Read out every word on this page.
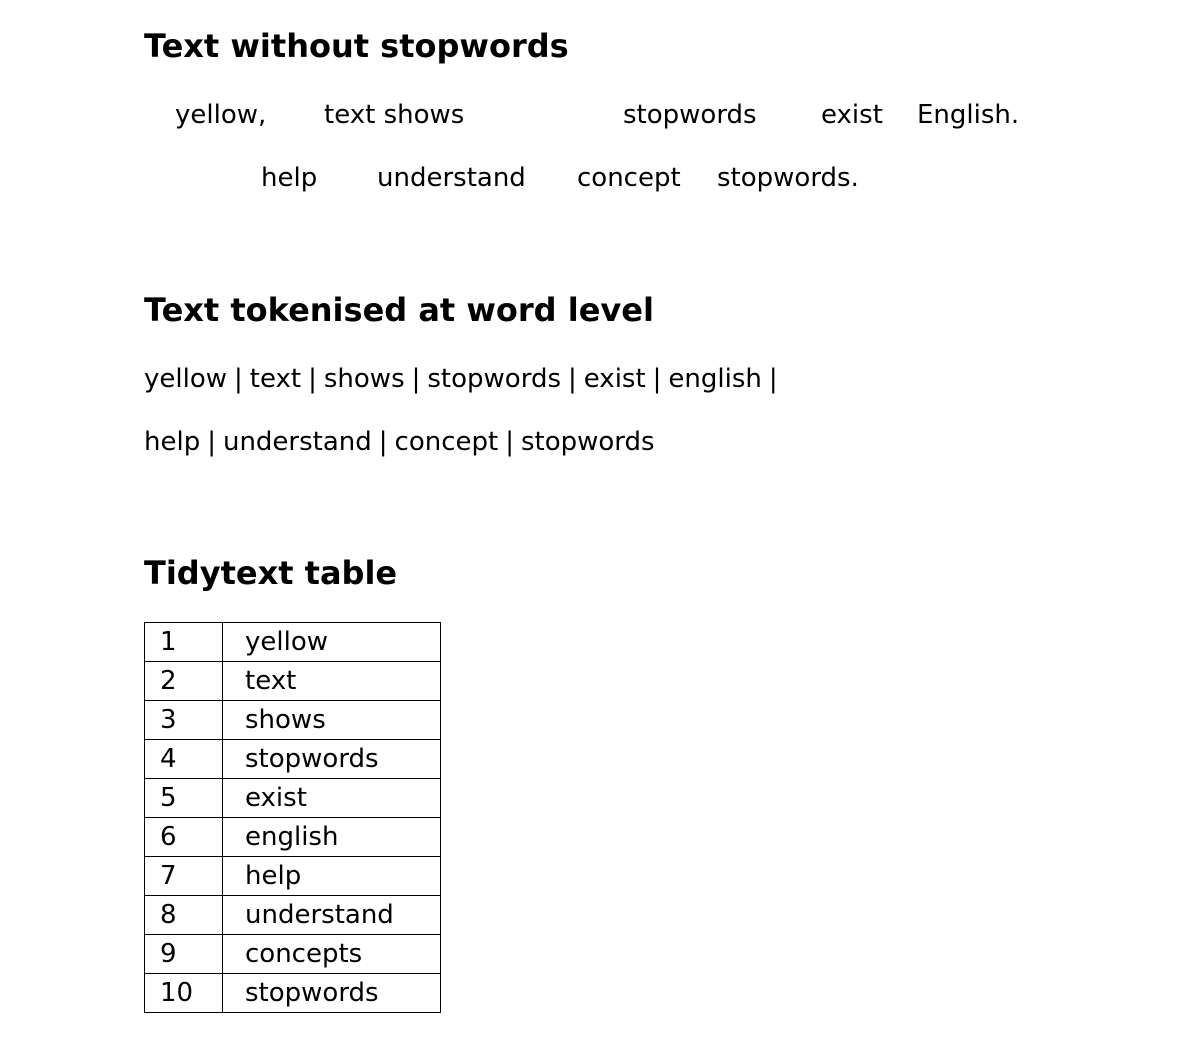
Text without stopwords
yellow, text shows	stopwords exist English.
help understand concept stopwords.
Text tokenised at word level
yellow | text | shows | stopwords | exist | english |
help | understand | concept | stopwords
Tidytext table
1	yellow
2	text
3	shows
4	stopwords
5	exist
6	english
7	help
8	understand
9	concepts
10	stopwords
